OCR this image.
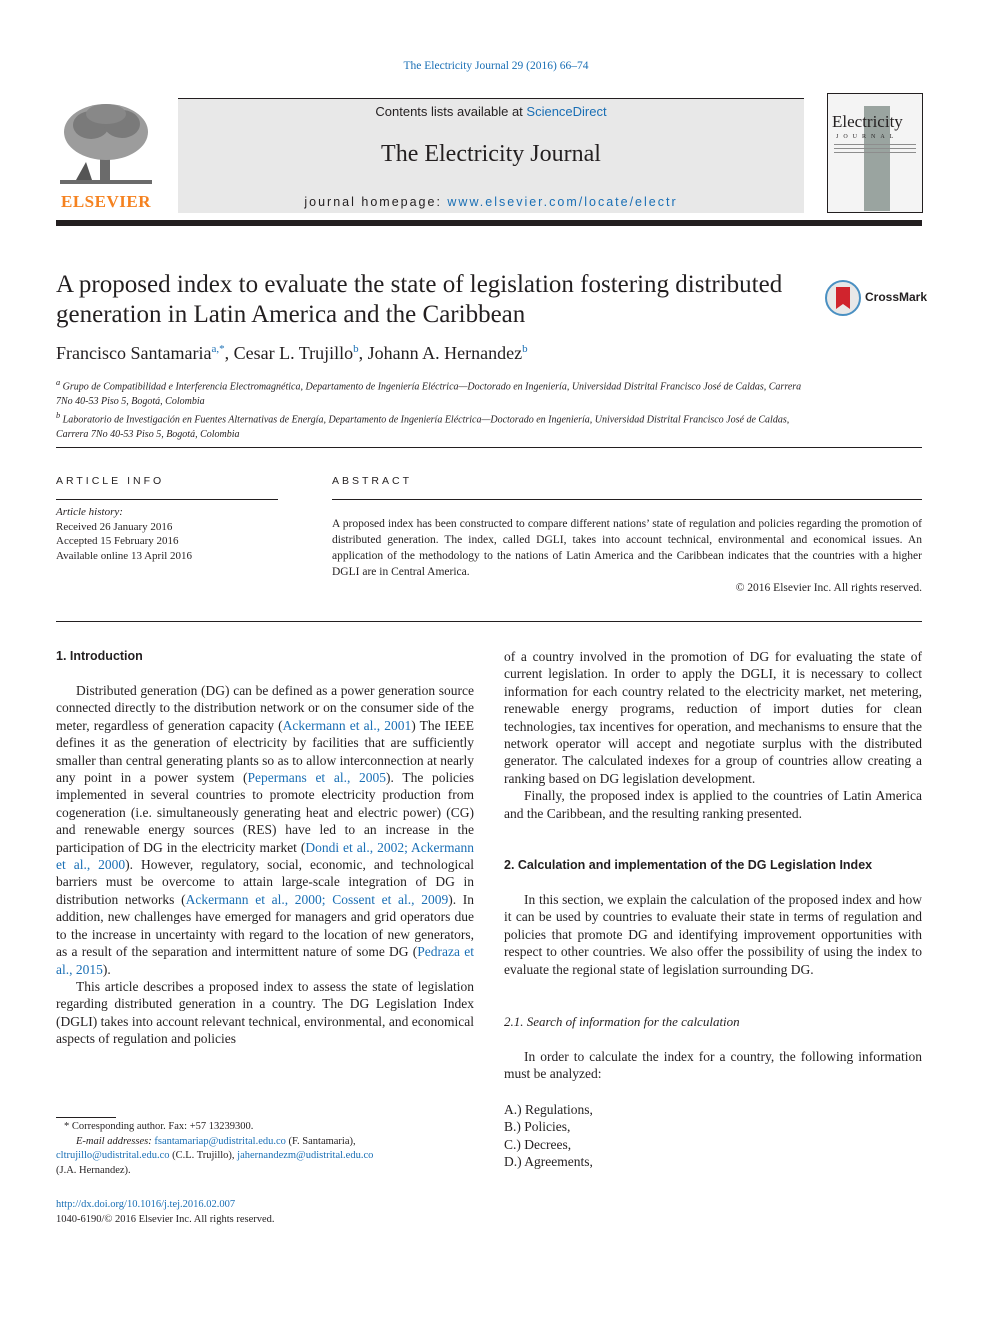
The Electricity Journal 29 (2016) 66–74
ELSEVIER
Contents lists available at ScienceDirect
The Electricity Journal
journal homepage: www.elsevier.com/locate/electr
Electricity
JOURNAL
A proposed index to evaluate the state of legislation fostering distributed generation in Latin America and the Caribbean
CrossMark
Francisco Santamaria$^{a,*}$, Cesar L. Trujillo$^b$, Johann A. Hernandez$^b$
$^a$ Grupo de Compatibilidad e Interferencia Electromagnética, Departamento de Ingeniería Eléctrica—Doctorado en Ingeniería, Universidad Distrital Francisco José de Caldas, Carrera 7No 40-53 Piso 5, Bogotá, Colombia
$^b$ Laboratorio de Investigación en Fuentes Alternativas de Energía, Departamento de Ingeniería Eléctrica—Doctorado en Ingeniería, Universidad Distrital Francisco José de Caldas, Carrera 7No 40-53 Piso 5, Bogotá, Colombia
ARTICLE INFO
Article history:
Received 26 January 2016
Accepted 15 February 2016
Available online 13 April 2016
ABSTRACT
A proposed index has been constructed to compare different nations’ state of regulation and policies regarding the promotion of distributed generation. The index, called DGLI, takes into account technical, environmental and economical issues. An application of the methodology to the nations of Latin America and the Caribbean indicates that the countries with a higher DGLI are in Central America.
© 2016 Elsevier Inc. All rights reserved.
1. Introduction

Distributed generation (DG) can be defined as a power generation source connected directly to the distribution network or on the consumer side of the meter, regardless of generation capacity (Ackermann et al., 2001) The IEEE defines it as the generation of electricity by facilities that are sufficiently smaller than central generating plants so as to allow interconnection at nearly any point in a power system (Pepermans et al., 2005). The policies implemented in several countries to promote electricity production from cogeneration (i.e. simultaneously generating heat and electric power) (CG) and renewable energy sources (RES) have led to an increase in the participation of DG in the electricity market (Dondi et al., 2002; Ackermann et al., 2000). However, regulatory, social, economic, and technological barriers must be overcome to attain large-scale integration of DG in distribution networks (Ackermann et al., 2000; Cossent et al., 2009). In addition, new challenges have emerged for managers and grid operators due to the increase in uncertainty with regard to the location of new generators, as a result of the separation and intermittent nature of some DG (Pedraza et al., 2015).

This article describes a proposed index to assess the state of legislation regarding distributed generation in a country. The DG Legislation Index (DGLI) takes into account relevant technical, environmental, and economical aspects of regulation and policies

* Corresponding author. Fax: +57 13239300.
E-mail addresses: fsantamariap@udistrital.edu.co (F. Santamaria),
cltrujillo@udistrital.edu.co (C.L. Trujillo), jahernandezm@udistrital.edu.co
(J.A. Hernandez).
http://dx.doi.org/10.1016/j.tej.2016.02.007
1040-6190/© 2016 Elsevier Inc. All rights reserved.

of a country involved in the promotion of DG for evaluating the state of current legislation. In order to apply the DGLI, it is necessary to collect information for each country related to the electricity market, net metering, renewable energy programs, reduction of import duties for clean technologies, tax incentives for operation, and mechanisms to ensure that the network operator will accept and negotiate surplus with the distributed generator. The calculated indexes for a group of countries allow creating a ranking based on DG legislation development.

Finally, the proposed index is applied to the countries of Latin America and the Caribbean, and the resulting ranking presented.

2. Calculation and implementation of the DG Legislation Index

In this section, we explain the calculation of the proposed index and how it can be used by countries to evaluate their state in terms of regulation and policies that promote DG and identifying improvement opportunities with respect to other countries. We also offer the possibility of using the index to evaluate the regional state of legislation surrounding DG.

2.1. Search of information for the calculation

In order to calculate the index for a country, the following information must be analyzed:

A.) Regulations,
B.) Policies,
C.) Decrees,
D.) Agreements,
